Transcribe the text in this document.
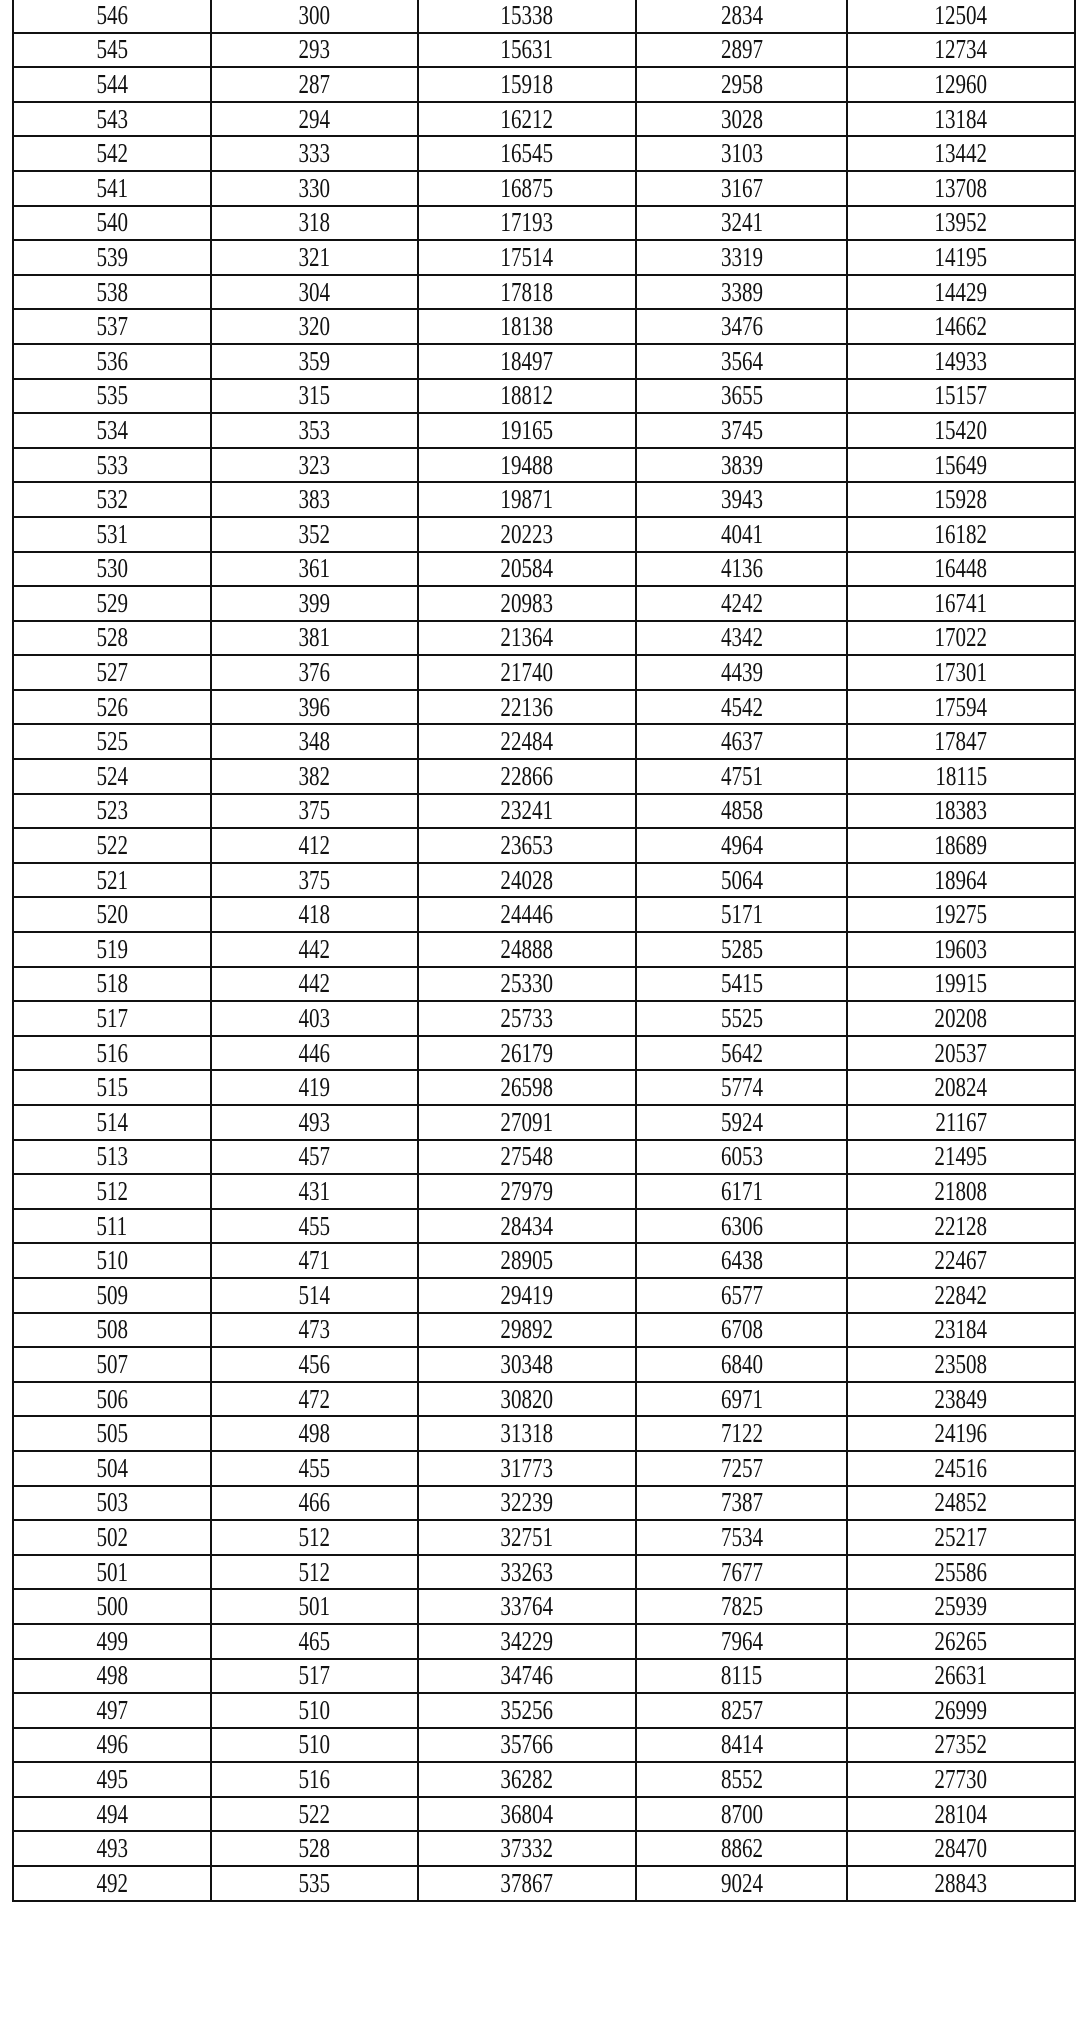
546	300	15338	2834	12504
545	293	15631	2897	12734
544	287	15918	2958	12960
543	294	16212	3028	13184
542	333	16545	3103	13442
541	330	16875	3167	13708
540	318	17193	3241	13952
539	321	17514	3319	14195
538	304	17818	3389	14429
537	320	18138	3476	14662
536	359	18497	3564	14933
535	315	18812	3655	15157
534	353	19165	3745	15420
533	323	19488	3839	15649
532	383	19871	3943	15928
531	352	20223	4041	16182
530	361	20584	4136	16448
529	399	20983	4242	16741
528	381	21364	4342	17022
527	376	21740	4439	17301
526	396	22136	4542	17594
525	348	22484	4637	17847
524	382	22866	4751	18115
523	375	23241	4858	18383
522	412	23653	4964	18689
521	375	24028	5064	18964
520	418	24446	5171	19275
519	442	24888	5285	19603
518	442	25330	5415	19915
517	403	25733	5525	20208
516	446	26179	5642	20537
515	419	26598	5774	20824
514	493	27091	5924	21167
513	457	27548	6053	21495
512	431	27979	6171	21808
511	455	28434	6306	22128
510	471	28905	6438	22467
509	514	29419	6577	22842
508	473	29892	6708	23184
507	456	30348	6840	23508
506	472	30820	6971	23849
505	498	31318	7122	24196
504	455	31773	7257	24516
503	466	32239	7387	24852
502	512	32751	7534	25217
501	512	33263	7677	25586
500	501	33764	7825	25939
499	465	34229	7964	26265
498	517	34746	8115	26631
497	510	35256	8257	26999
496	510	35766	8414	27352
495	516	36282	8552	27730
494	522	36804	8700	28104
493	528	37332	8862	28470
492	535	37867	9024	28843
